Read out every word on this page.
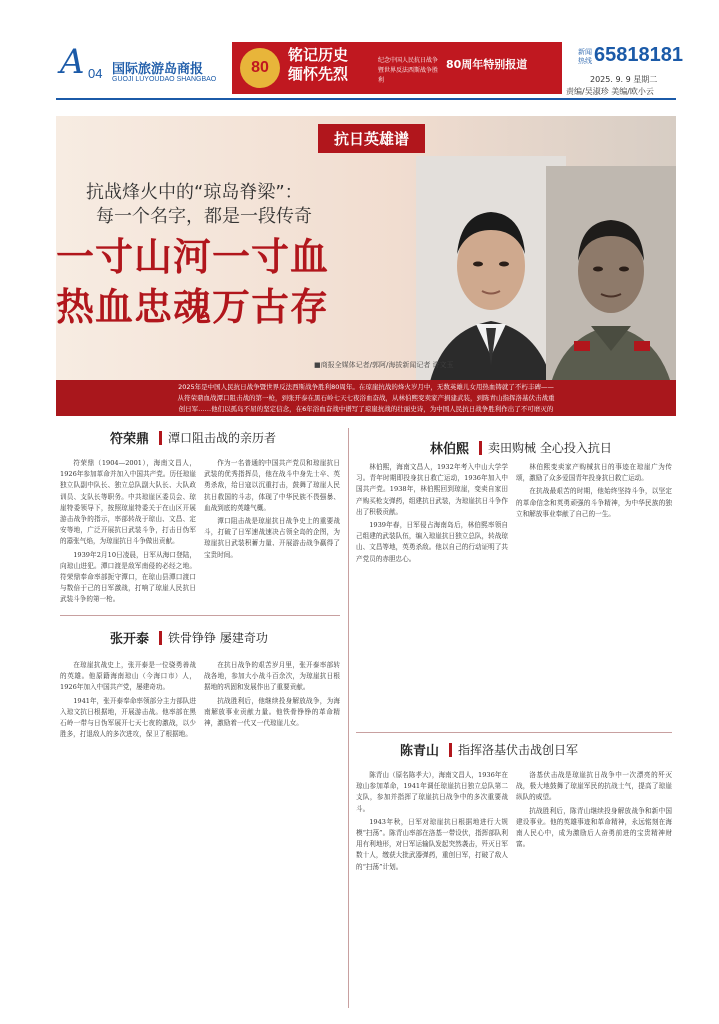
A 04 国际旅游岛商报
GUOJI LÜYOUDAO SHANGBAO
80
铭记历史 缅怀先烈
纪念中国人民抗日战争暨世界反法西斯战争胜利
80周年特别报道
新闻热线 65818181
2025. 9. 9 星期二
责编/吴淑珍 美编/欧小云
抗日英雄谱
抗战烽火中的“琼岛脊梁”：
每一个名字，都是一段传奇
一寸山河一寸血
热血忠魂万古存
■商报全媒体记者/郭阿/海拔新闻记者 许文玉
2025年是中国人民抗日战争暨世界反法西斯战争胜利80周年。在琼崖抗战的烽火岁月中，无数英雄儿女用热血铸就了不朽丰碑——从符荣鼎血战潭口阻击战的第一枪，到张开泰在黑石岭七天七夜浴血奋战，从林伯熙变卖家产捐建武装，到陈青山指挥洛基伏击战重创日军……他们以孤岛不屈的坚定信念，在6年浴血奋战中谱写了琼崖抗战的壮丽史诗，为中国人民抗日战争胜利作出了不可磨灭的贡献。这段用生命和热血书写的抗战精神，至今仍在南海之滨熠熠生辉。
符荣鼎 潭口阻击战的亲历者

符荣鼎（1904—2001），海南文昌人，1926年参加革命并加入中国共产党。历任琼崖独立队副中队长、独立总队副大队长、大队政训员、支队长等职务。中共琼崖区委员会、琼崖特委领导下，按照琼崖特委关于在山区开展游击战争的指示，率部转战于琼山、文昌、定安等地，广泛开展抗日武装斗争，打击日伪军的嚣张气焰，为琼崖抗日斗争做出贡献。

1939年2月10日凌晨，日军从海口登陆，向琼山进犯。潭口渡是敌军南侵的必经之地。符荣鼎奉命率部扼守潭口，在琼山县潭口渡口与数倍于己的日军激战，打响了琼崖人民抗日武装斗争的第一枪。

作为一名普通的中国共产党员和琼崖抗日武装的优秀指挥员，他在战斗中身先士卒、英勇杀敌，给日寇以沉重打击，鼓舞了琼崖人民抗日救国的斗志，体现了中华民族不畏强暴、血战到底的英雄气概。

潭口阻击战是琼崖抗日战争史上的重要战斗，打破了日军速战速决占领全岛的企图，为琼崖抗日武装积蓄力量、开展游击战争赢得了宝贵时间。

张开泰 铁骨铮铮 屡建奇功

在琼崖抗战史上，张开泰是一位骁勇善战的英雄。他原籍海南琼山（今海口市）人，1926年加入中国共产党，屡建奇功。

1941年，张开泰奉命率领部分主力部队进入琼文抗日根据地，开展游击战。他率部在黑石岭一带与日伪军展开七天七夜的激战，以少胜多，打退敌人的多次进攻，保卫了根据地。

在抗日战争的艰苦岁月里，张开泰率部转战各地，参加大小战斗百余次，为琼崖抗日根据地的巩固和发展作出了重要贡献。

抗战胜利后，他继续投身解放战争，为海南解放事业贡献力量。他铁骨铮铮的革命精神，激励着一代又一代琼崖儿女。

林伯熙 卖田购械 全心投入抗日

林伯熙，海南文昌人，1932年考入中山大学学习。青年时期即投身抗日救亡运动，1936年加入中国共产党。1938年，林伯熙回到琼崖，变卖自家田产购买枪支弹药，组建抗日武装，为琼崖抗日斗争作出了积极贡献。

1939年春，日军侵占海南岛后，林伯熙率领自己组建的武装队伍，编入琼崖抗日独立总队，转战琼山、文昌等地，英勇杀敌。他以自己的行动证明了共产党员的赤胆忠心。

林伯熙变卖家产购械抗日的事迹在琼崖广为传颂，激励了众多爱国青年投身抗日救亡运动。

在抗战最艰苦的时期，他始终坚持斗争，以坚定的革命信念和英勇顽强的斗争精神，为中华民族的独立和解放事业奉献了自己的一生。

陈青山 指挥洛基伏击战创日军

陈青山（原名陈孝大），海南文昌人，1936年在琼山参加革命，1941年调任琼崖抗日独立总队第二支队，参加并指挥了琼崖抗日战争中的多次重要战斗。

1943年秋，日军对琼崖抗日根据地进行大规模“扫荡”。陈青山率部在洛基一带设伏，指挥部队利用有利地形，对日军运输队发起突然袭击，歼灭日军数十人，缴获大批武器弹药，重创日军，打破了敌人的“扫荡”计划。

洛基伏击战是琼崖抗日战争中一次漂亮的歼灭战，极大地鼓舞了琼崖军民的抗战士气，提高了琼崖纵队的威望。

抗战胜利后，陈青山继续投身解放战争和新中国建设事业。他的英雄事迹和革命精神，永远铭刻在海南人民心中，成为激励后人奋勇前进的宝贵精神财富。
